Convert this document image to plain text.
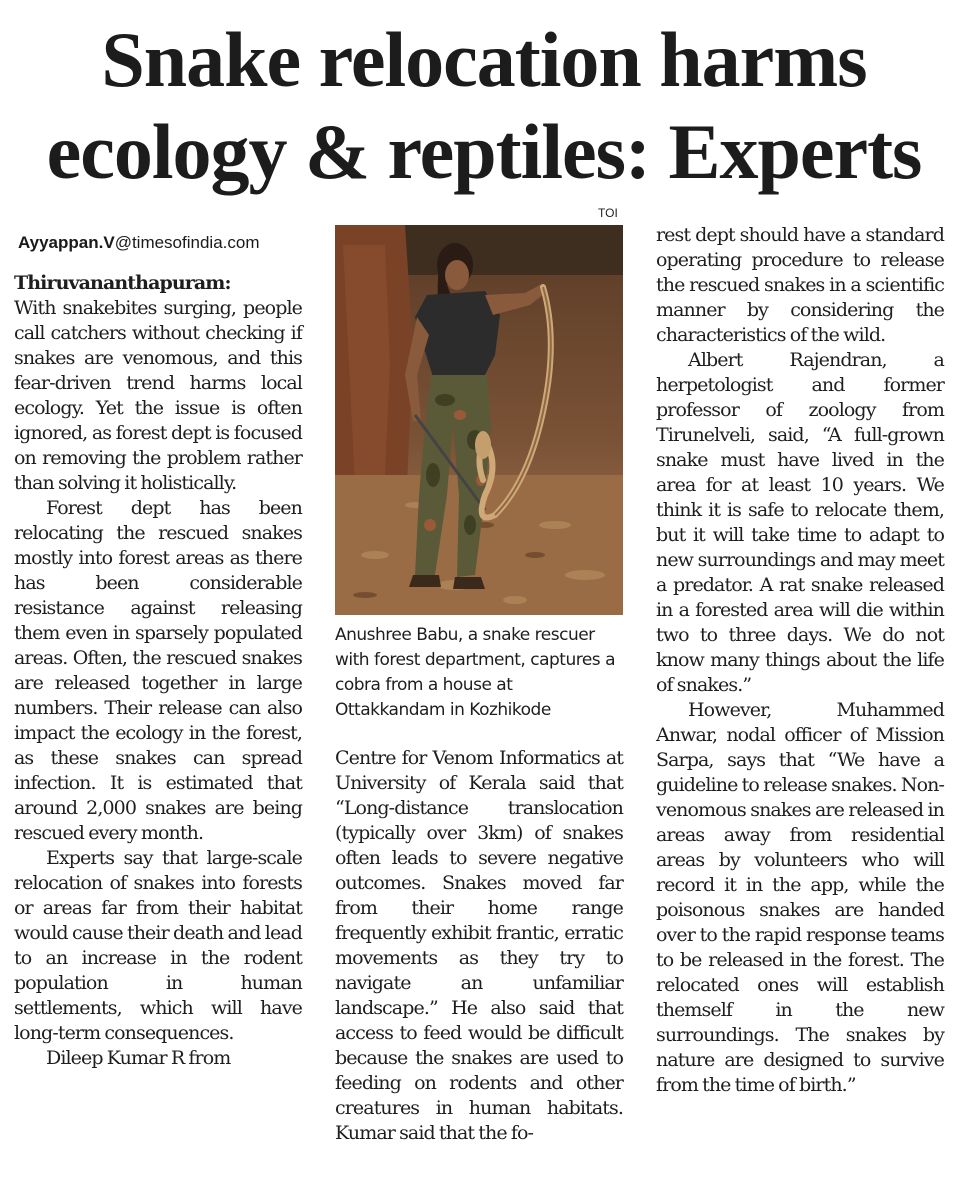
Snake relocation harms ecology & reptiles: Experts
Ayyappan.V@timesofindia.com
TOI

Thiruvananthapuram:
With snakebites surging, people call catchers without checking if snakes are venomous, and this fear-driven trend harms local ecology. Yet the issue is often ignored, as forest dept is focused on removing the problem rather than solving it holistically.

Forest dept has been relocating the rescued snakes mostly into forest areas as there has been considerable resistance against releasing them even in sparsely populated areas. Often, the rescued snakes are released together in large numbers. Their release can also impact the ecology in the forest, as these snakes can spread infection. It is estimated that around 2,000 snakes are being rescued every month.

Experts say that large-scale relocation of snakes into forests or areas far from their habitat would cause their death and lead to an increase in the rodent population in human settlements, which will have long-term consequences.

Dileep Kumar R from

Anushree Babu, a snake rescuer with forest department, captures a cobra from a house at Ottakkandam in Kozhikode

Centre for Venom Informatics at University of Kerala said that “Long-distance translocation (typically over 3km) of snakes often leads to severe negative outcomes. Snakes moved far from their home range frequently exhibit frantic, erratic movements as they try to navigate an unfamiliar landscape.” He also said that access to feed would be difficult because the snakes are used to feeding on rodents and other creatures in human habitats. Kumar said that the fo-

rest dept should have a standard operating procedure to release the rescued snakes in a scientific manner by considering the characteristics of the wild.

Albert Rajendran, a herpetologist and former professor of zoology from Tirunelveli, said, “A full-grown snake must have lived in the area for at least 10 years. We think it is safe to relocate them, but it will take time to adapt to new surroundings and may meet a predator. A rat snake released in a forested area will die within two to three days. We do not know many things about the life of snakes.”

However, Muhammed Anwar, nodal officer of Mission Sarpa, says that “We have a guideline to release snakes. Non-venomous snakes are released in areas away from residential areas by volunteers who will record it in the app, while the poisonous snakes are handed over to the rapid response teams to be released in the forest. The relocated ones will establish themself in the new surroundings. The snakes by nature are designed to survive from the time of birth.”
